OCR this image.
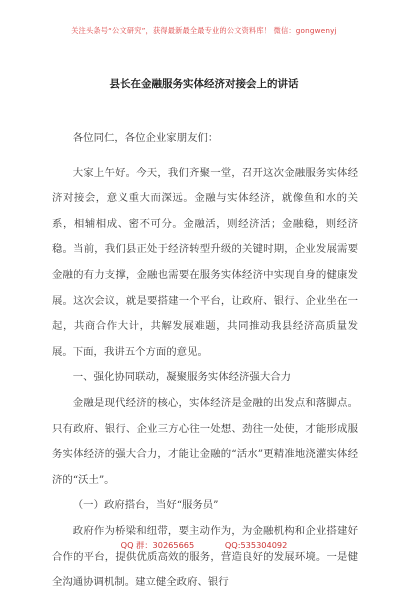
关注头条号“公文研究”，获得最新最全最专业的公文资料库！ 微信：gongwenyj
县长在金融服务实体经济对接会上的讲话

各位同仁，各位企业家朋友们：

大家上午好。今天，我们齐聚一堂，召开这次金融服务实体经济对接会，意义重大而深远。金融与实体经济，就像鱼和水的关系，相辅相成、密不可分。金融活，则经济活；金融稳，则经济稳。当前，我们县正处于经济转型升级的关键时期，企业发展需要金融的有力支撑，金融也需要在服务实体经济中实现自身的健康发展。这次会议，就是要搭建一个平台，让政府、银行、企业坐在一起，共商合作大计，共解发展难题，共同推动我县经济高质量发展。下面，我讲五个方面的意见。

一、强化协同联动，凝聚服务实体经济强大合力

金融是现代经济的核心，实体经济是金融的出发点和落脚点。只有政府、银行、企业三方心往一处想、劲往一处使，才能形成服务实体经济的强大合力，才能让金融的“活水”更精准地浇灌实体经济的“沃土”。

（一）政府搭台，当好“服务员”

政府作为桥梁和纽带，要主动作为，为金融机构和企业搭建好合作的平台，提供优质高效的服务，营造良好的发展环境。一是健全沟通协调机制。建立健全政府、银行

QQ 群：30265665	QQ:535304092
